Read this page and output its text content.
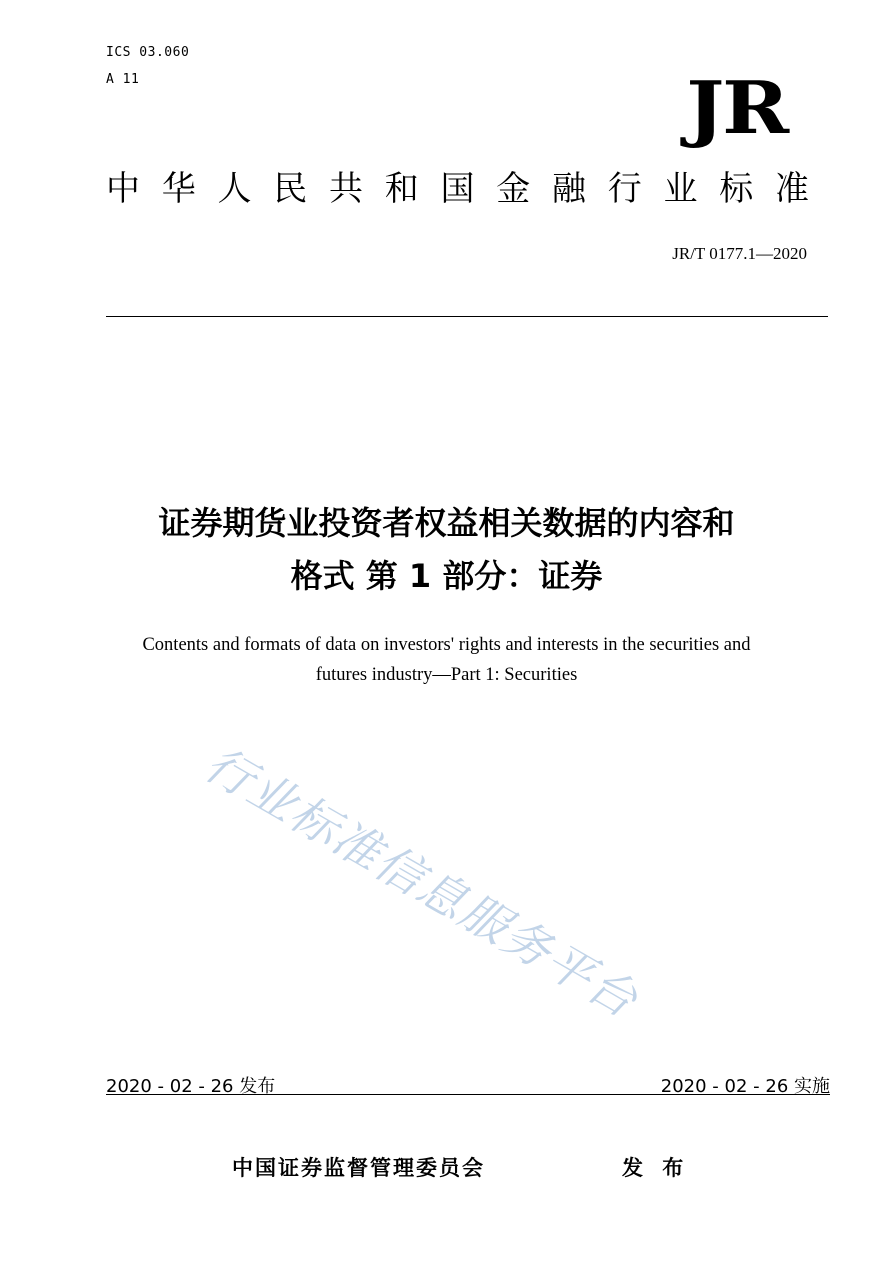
ICS 03.060
A 11	JR
中 华 人 民 共 和 国 金 融 行 业 标 准
JR/T 0177.1—2020
证券期货业投资者权益相关数据的内容和
格式 第 1 部分：证券
Contents and formats of data on investors' rights and interests in the securities and
futures industry—Part 1: Securities
行业标准信息服务平台
2020 - 02 - 26 发布	2020 - 02 - 26 实施
中国证券监督管理委员会	发 布
